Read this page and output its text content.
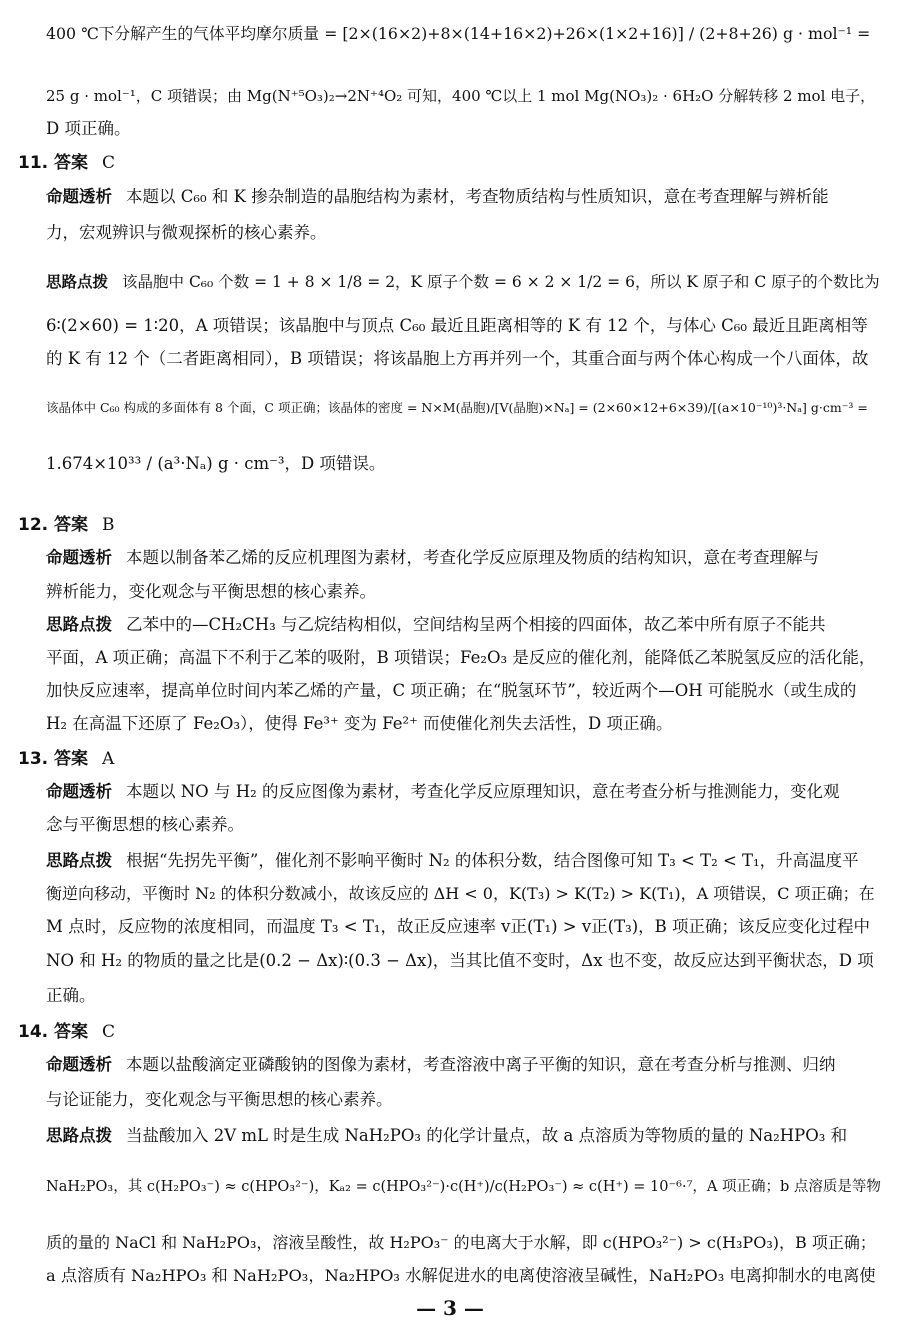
— 3 —
400 ℃下分解产生的气体平均摩尔质量 = [2×(16×2)+8×(14+16×2)+26×(1×2+16)] / (2+8+26) g · mol⁻¹ =
25 g · mol⁻¹，C 项错误；由 Mg(N⁺⁵O₃)₂→2N⁺⁴O₂ 可知，400 ℃以上 1 mol Mg(NO₃)₂ · 6H₂O 分解转移 2 mol 电子，
D 项正确。
命题透析 本题以 C₆₀ 和 K 掺杂制造的晶胞结构为素材，考查物质结构与性质知识，意在考查理解与辨析能
力，宏观辨识与微观探析的核心素养。
思路点拨 该晶胞中 C₆₀ 个数 = 1 + 8 × 1/8 = 2，K 原子个数 = 6 × 2 × 1/2 = 6，所以 K 原子和 C 原子的个数比为
6∶(2×60) = 1∶20，A 项错误；该晶胞中与顶点 C₆₀ 最近且距离相等的 K 有 12 个，与体心 C₆₀ 最近且距离相等
的 K 有 12 个（二者距离相同），B 项错误；将该晶胞上方再并列一个，其重合面与两个体心构成一个八面体，故
该晶体中 C₆₀ 构成的多面体有 8 个面，C 项正确；该晶体的密度 = N×M(晶胞)/[V(晶胞)×Nₐ] = (2×60×12+6×39)/[(a×10⁻¹⁰)³·Nₐ] g·cm⁻³ =
1.674×10³³ / (a³·Nₐ) g · cm⁻³，D 项错误。
命题透析 本题以制备苯乙烯的反应机理图为素材，考查化学反应原理及物质的结构知识，意在考查理解与
辨析能力，变化观念与平衡思想的核心素养。
思路点拨 乙苯中的—CH₂CH₃ 与乙烷结构相似，空间结构呈两个相接的四面体，故乙苯中所有原子不能共
平面，A 项正确；高温下不利于乙苯的吸附，B 项错误；Fe₂O₃ 是反应的催化剂，能降低乙苯脱氢反应的活化能，
加快反应速率，提高单位时间内苯乙烯的产量，C 项正确；在“脱氢环节”，较近两个—OH 可能脱水（或生成的
H₂ 在高温下还原了 Fe₂O₃），使得 Fe³⁺ 变为 Fe²⁺ 而使催化剂失去活性，D 项正确。
命题透析 本题以 NO 与 H₂ 的反应图像为素材，考查化学反应原理知识，意在考查分析与推测能力，变化观
念与平衡思想的核心素养。
思路点拨 根据“先拐先平衡”，催化剂不影响平衡时 N₂ 的体积分数，结合图像可知 T₃ < T₂ < T₁，升高温度平
衡逆向移动，平衡时 N₂ 的体积分数减小，故该反应的 ΔH < 0，K(T₃) > K(T₂) > K(T₁)，A 项错误，C 项正确；在
M 点时，反应物的浓度相同，而温度 T₃ < T₁，故正反应速率 v正(T₁) > v正(T₃)，B 项正确；该反应变化过程中
NO 和 H₂ 的物质的量之比是(0.2 − Δx)∶(0.3 − Δx)，当其比值不变时，Δx 也不变，故反应达到平衡状态，D 项
正确。
命题透析 本题以盐酸滴定亚磷酸钠的图像为素材，考查溶液中离子平衡的知识，意在考查分析与推测、归纳
与论证能力，变化观念与平衡思想的核心素养。
思路点拨 当盐酸加入 2V mL 时是生成 NaH₂PO₃ 的化学计量点，故 a 点溶质为等物质的量的 Na₂HPO₃ 和
NaH₂PO₃，其 c(H₂PO₃⁻) ≈ c(HPO₃²⁻)，Kₐ₂ = c(HPO₃²⁻)·c(H⁺)/c(H₂PO₃⁻) ≈ c(H⁺) = 10⁻⁶·⁷，A 项正确；b 点溶质是等物
质的量的 NaCl 和 NaH₂PO₃，溶液呈酸性，故 H₂PO₃⁻ 的电离大于水解，即 c(HPO₃²⁻) > c(H₃PO₃)，B 项正确；
a 点溶质有 Na₂HPO₃ 和 NaH₂PO₃，Na₂HPO₃ 水解促进水的电离使溶液呈碱性，NaH₂PO₃ 电离抑制水的电离使
11. 答案 C
12. 答案 B
13. 答案 A
14. 答案 C
